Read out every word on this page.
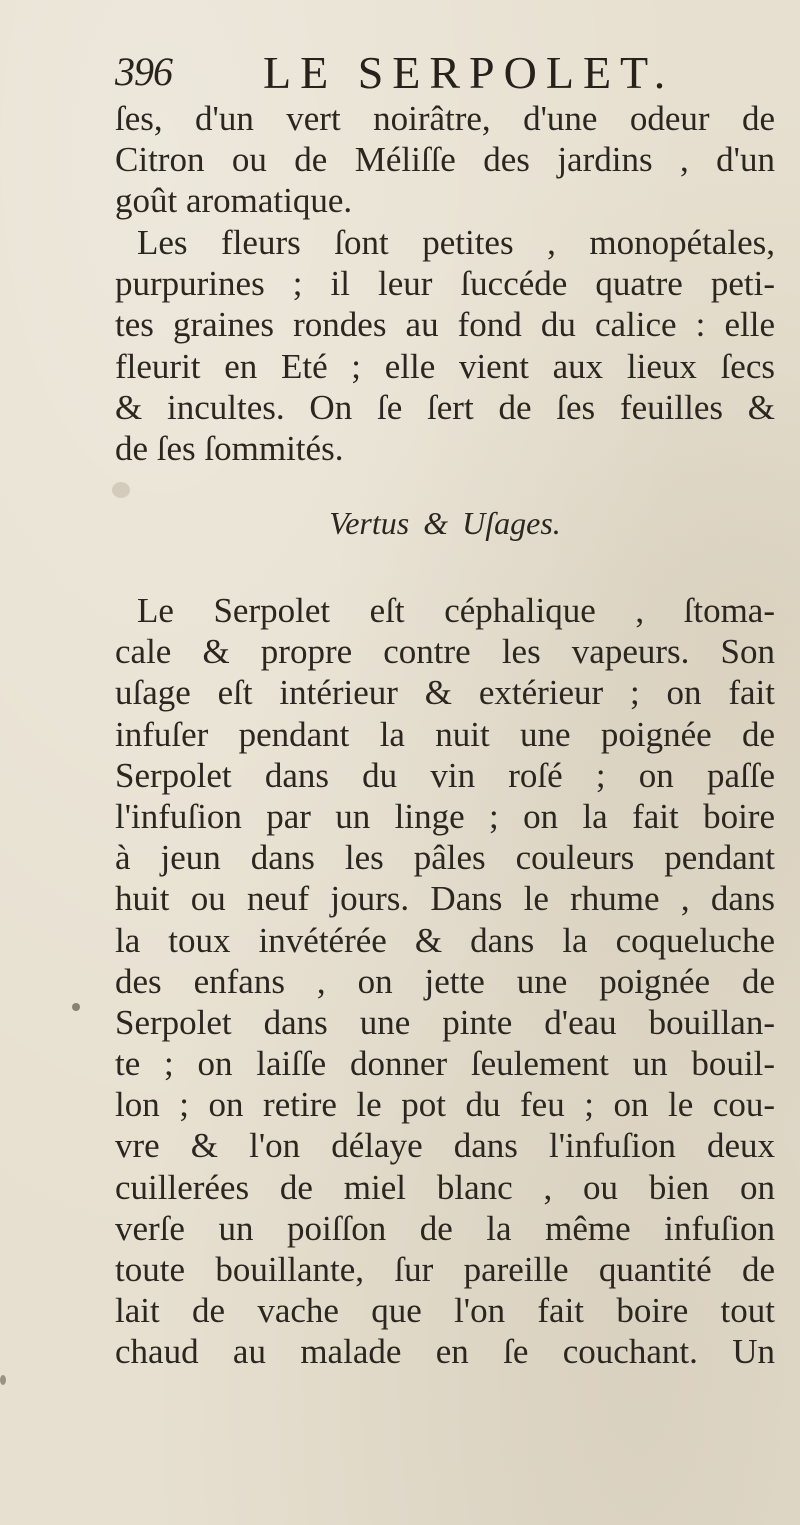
396 LE SERPOLET.
ſes, d'un vert noirâtre, d'une odeur de
Citron ou de Méliſſe des jardins , d'un
goût aromatique.
Les fleurs ſont petites , monopétales,
purpurines ; il leur ſuccéde quatre peti-
tes graines rondes au fond du calice : elle
fleurit en Eté ; elle vient aux lieux ſecs
& incultes. On ſe ſert de ſes feuilles &
de ſes ſommités.
Vertus & Uſages.
Le Serpolet eſt céphalique , ſtoma-
cale & propre contre les vapeurs. Son
uſage eſt intérieur & extérieur ; on fait
infuſer pendant la nuit une poignée de
Serpolet dans du vin roſé ; on paſſe
l'infuſion par un linge ; on la fait boire
à jeun dans les pâles couleurs pendant
huit ou neuf jours. Dans le rhume , dans
la toux invétérée & dans la coqueluche
des enfans , on jette une poignée de
Serpolet dans une pinte d'eau bouillan-
te ; on laiſſe donner ſeulement un bouil-
lon ; on retire le pot du feu ; on le cou-
vre & l'on délaye dans l'infuſion deux
cuillerées de miel blanc , ou bien on
verſe un poiſſon de la même infuſion
toute bouillante, ſur pareille quantité de
lait de vache que l'on fait boire tout
chaud au malade en ſe couchant. Un
